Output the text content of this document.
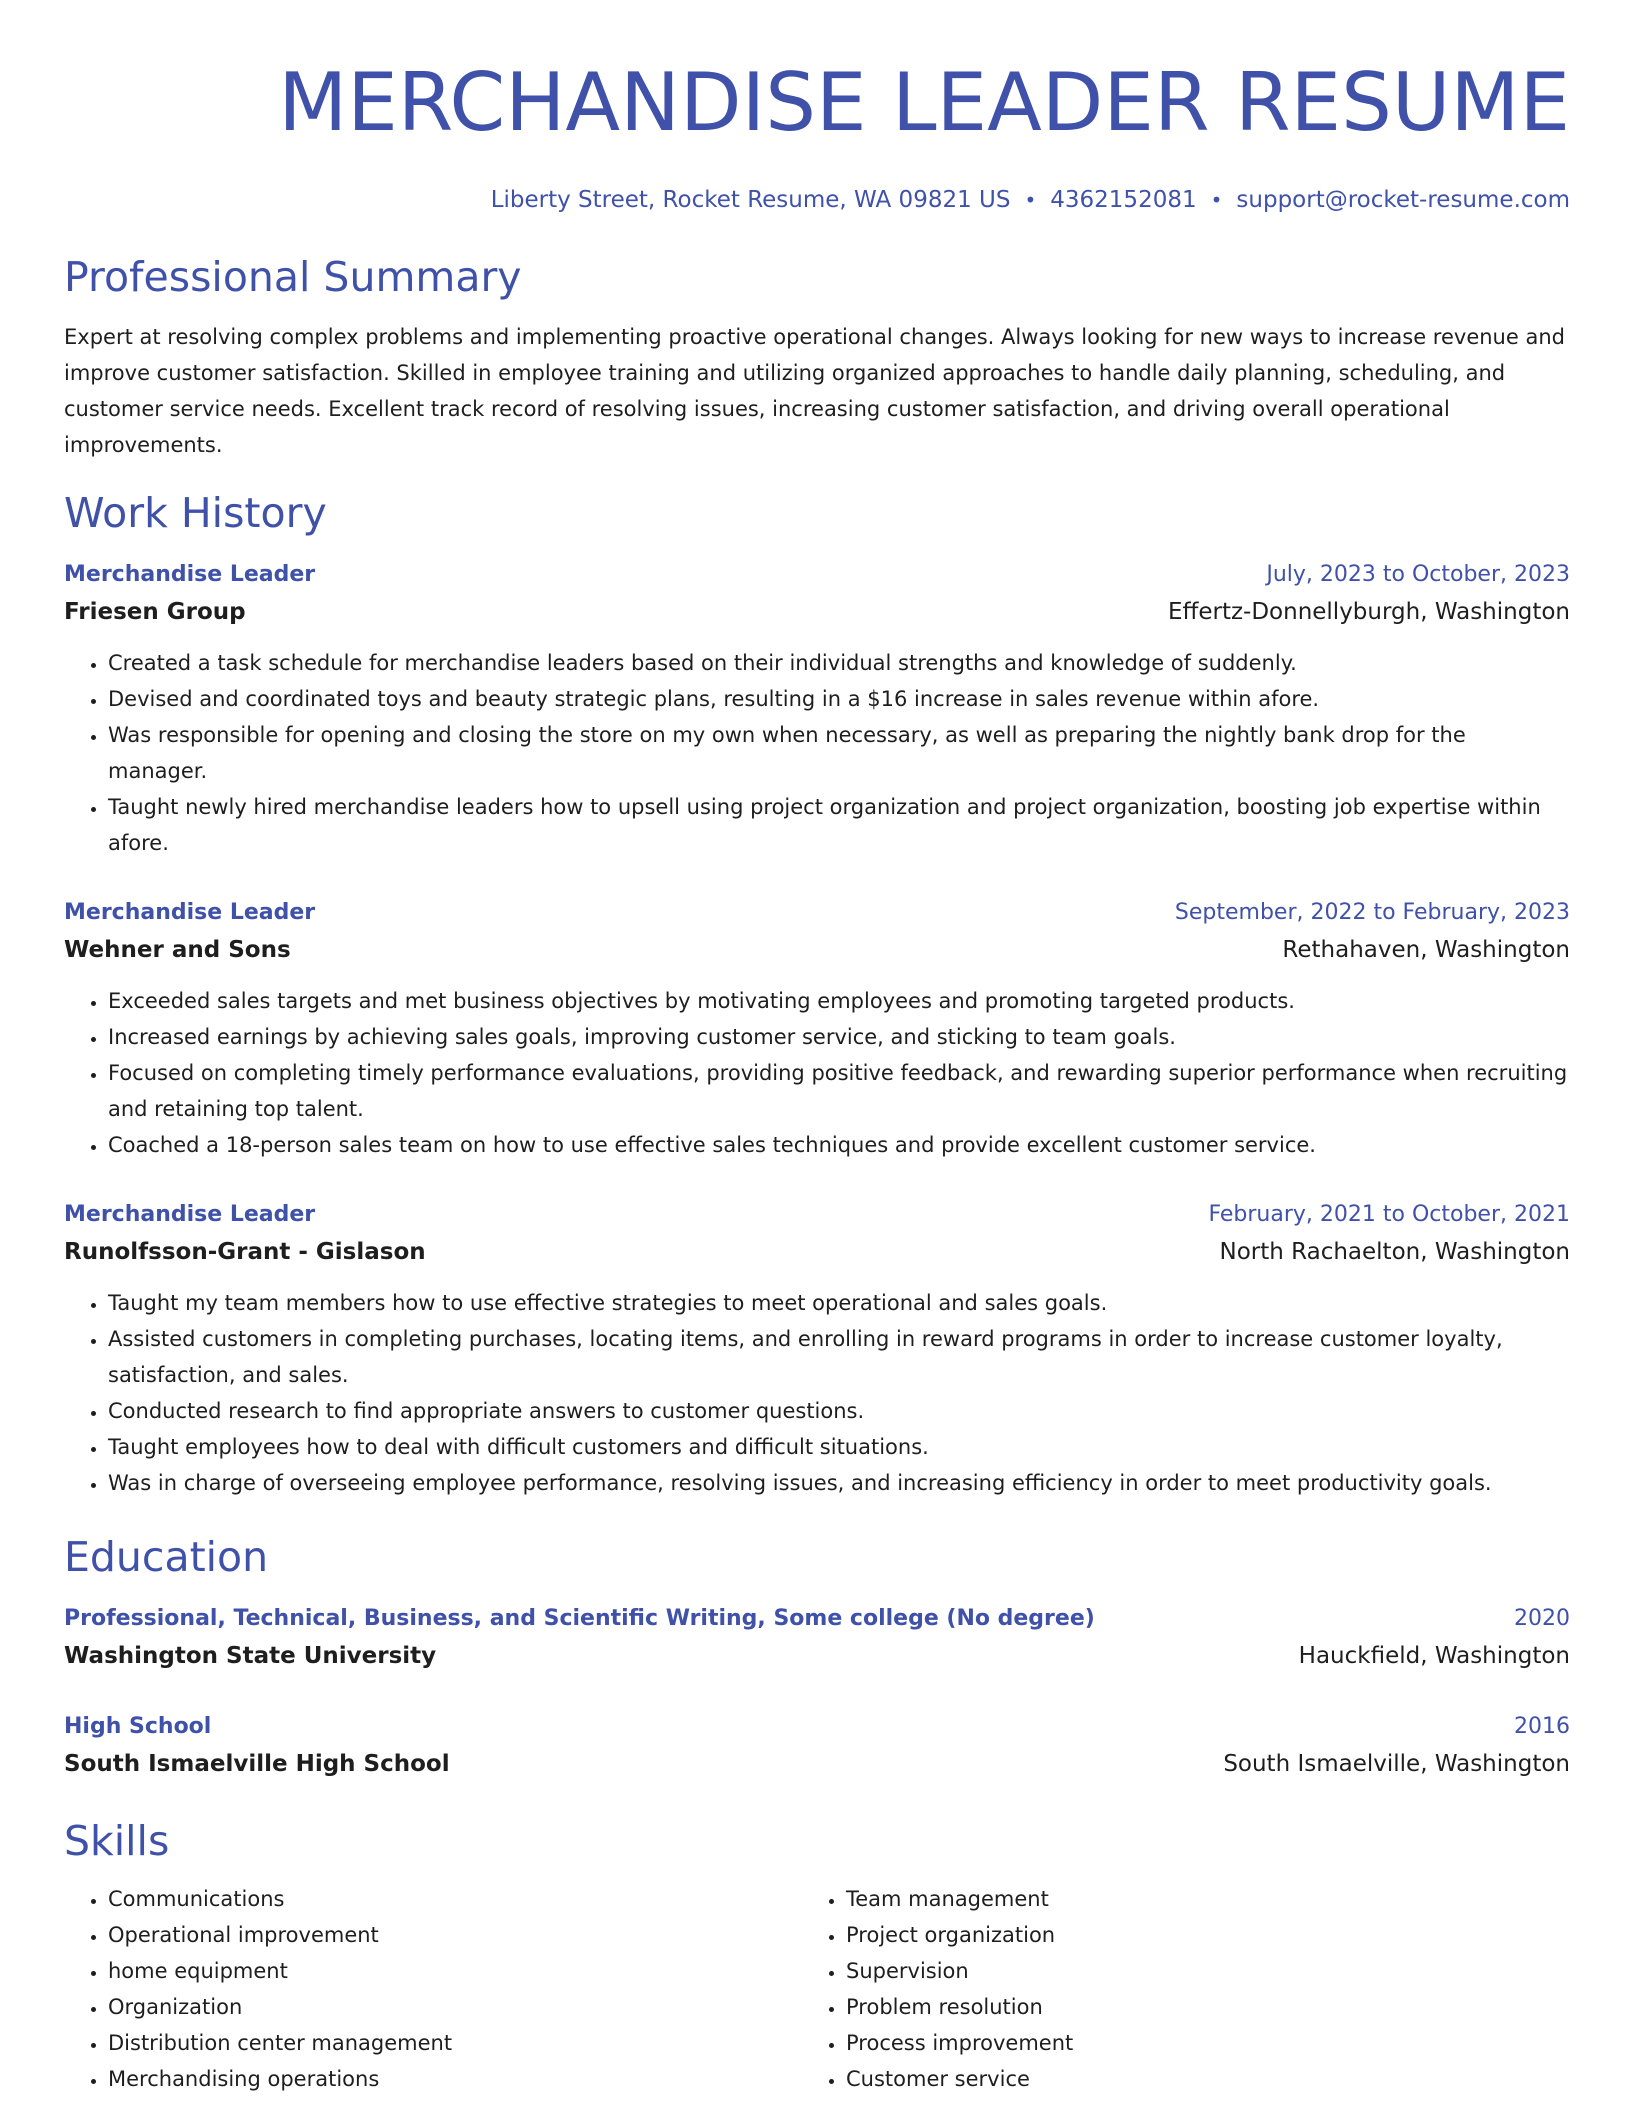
MERCHANDISE LEADER RESUME
Liberty Street, Rocket Resume, WA 09821 US • 4362152081 • support@rocket-resume.com
Professional Summary

Expert at resolving complex problems and implementing proactive operational changes. Always looking for new ways to increase revenue and improve customer satisfaction. Skilled in employee training and utilizing organized approaches to handle daily planning, scheduling, and customer service needs. Excellent track record of resolving issues, increasing customer satisfaction, and driving overall operational improvements.

Work History
Merchandise Leader	July, 2023 to October, 2023
Friesen Group	Effertz-Donnellyburgh, Washington
• Created a task schedule for merchandise leaders based on their individual strengths and knowledge of suddenly.
• Devised and coordinated toys and beauty strategic plans, resulting in a $16 increase in sales revenue within afore.
• Was responsible for opening and closing the store on my own when necessary, as well as preparing the nightly bank drop for the manager.
• Taught newly hired merchandise leaders how to upsell using project organization and project organization, boosting job expertise within afore.
Merchandise Leader	September, 2022 to February, 2023
Wehner and Sons	Rethahaven, Washington
• Exceeded sales targets and met business objectives by motivating employees and promoting targeted products.
• Increased earnings by achieving sales goals, improving customer service, and sticking to team goals.
• Focused on completing timely performance evaluations, providing positive feedback, and rewarding superior performance when recruiting and retaining top talent.
• Coached a 18-person sales team on how to use effective sales techniques and provide excellent customer service.
Merchandise Leader	February, 2021 to October, 2021
Runolfsson-Grant - Gislason	North Rachaelton, Washington
• Taught my team members how to use effective strategies to meet operational and sales goals.
• Assisted customers in completing purchases, locating items, and enrolling in reward programs in order to increase customer loyalty, satisfaction, and sales.
• Conducted research to find appropriate answers to customer questions.
• Taught employees how to deal with difficult customers and difficult situations.
• Was in charge of overseeing employee performance, resolving issues, and increasing efficiency in order to meet productivity goals.
Education
Professional, Technical, Business, and Scientific Writing, Some college (No degree)	2020
Washington State University	Hauckfield, Washington
High School	2016
South Ismaelville High School	South Ismaelville, Washington
Skills
• Communications
• Operational improvement
• home equipment
• Organization
• Distribution center management
• Merchandising operations
• Team management
• Project organization
• Supervision
• Problem resolution
• Process improvement
• Customer service
